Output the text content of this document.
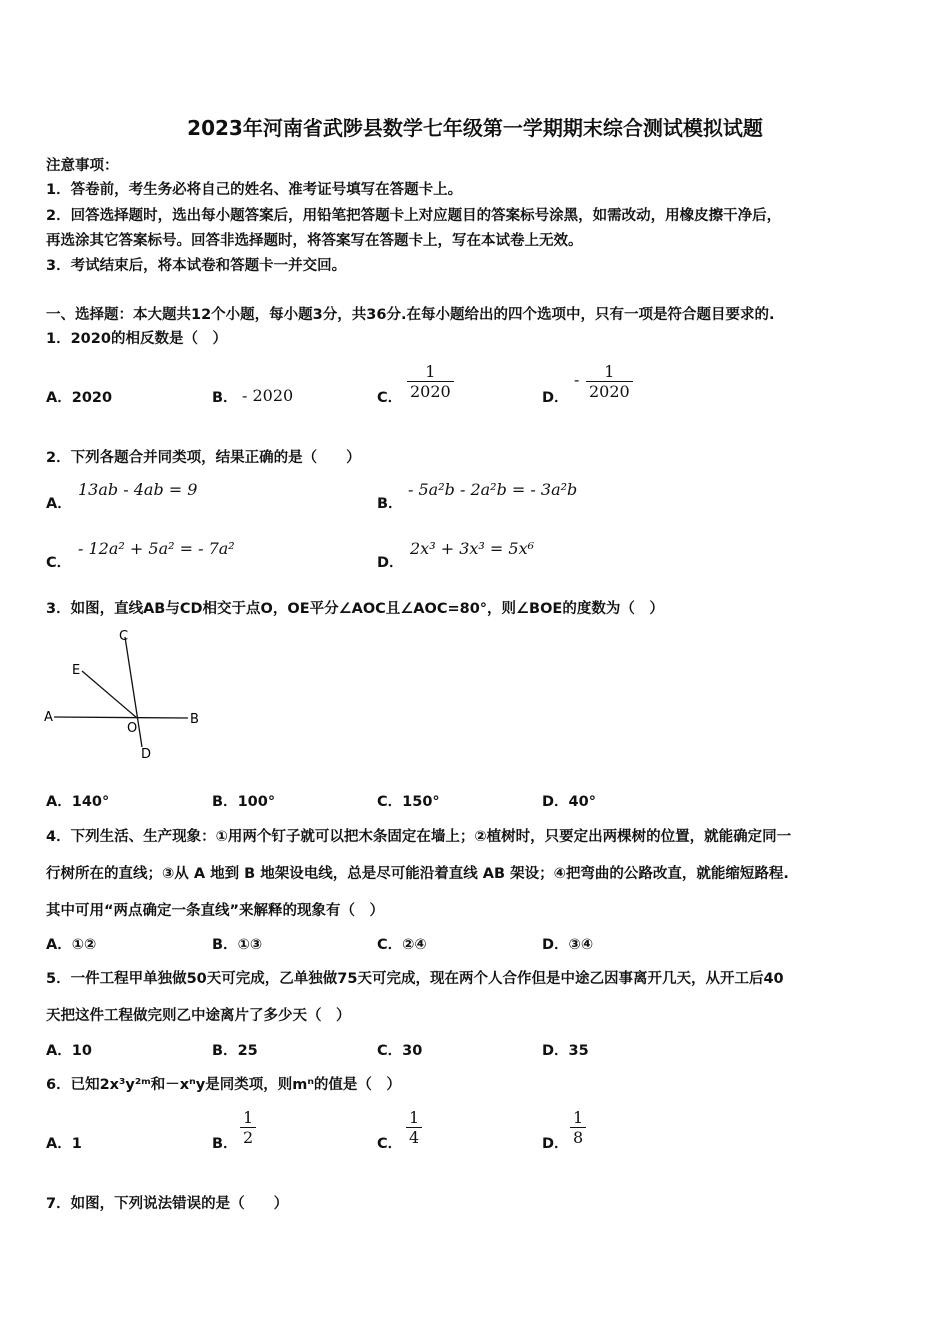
2023年河南省武陟县数学七年级第一学期期末综合测试模拟试题
注意事项：
1．答卷前，考生务必将自己的姓名、准考证号填写在答题卡上。
2．回答选择题时，选出每小题答案后，用铅笔把答题卡上对应题目的答案标号涂黑，如需改动，用橡皮擦干净后，
再选涂其它答案标号。回答非选择题时，将答案写在答题卡上，写在本试卷上无效。
3．考试结束后，将本试卷和答题卡一并交回。
一、选择题：本大题共12个小题，每小题3分，共36分.在每小题给出的四个选项中，只有一项是符合题目要求的.
1．2020的相反数是（　）
A．2020	B． - 2020	C． $\frac{1}{2020}$	D．
- $\frac{1}{2020}$
2．下列各题合并同类项，结果正确的是（　　）
A．
13ab - 4ab = 9
B．
- 5a²b - 2a²b = - 3a²b
C．
- 12a² + 5a² = - 7a²
D．
2x³ + 3x³ = 5x⁶
3．如图，直线AB与CD相交于点O，OE平分∠AOC且∠AOC=80°，则∠BOE的度数为（　）
A	B
C
D
E
O
A．140°	B．100°	C．150°	D．40°
4．下列生活、生产现象：①用两个钉子就可以把木条固定在墙上；②植树时，只要定出两棵树的位置，就能确定同一
行树所在的直线；③从 A 地到 B 地架设电线，总是尽可能沿着直线 AB 架设；④把弯曲的公路改直，就能缩短路程.
其中可用“两点确定一条直线”来解释的现象有（　）
A．①②	B．①③	C．②④	D．③④
5．一件工程甲单独做50天可完成，乙单独做75天可完成，现在两个人合作但是中途乙因事离开几天，从开工后40
天把这件工程做完则乙中途离片了多少天（　）
A．10	B．25	C．30	D．35
6．已知2x³y²ᵐ和－xⁿy是同类项，则mⁿ的值是（　）
A．1	B． $\frac{1}{2}$	C． $\frac{1}{4}$	D． $\frac{1}{8}$
7．如图，下列说法错误的是（　　）
